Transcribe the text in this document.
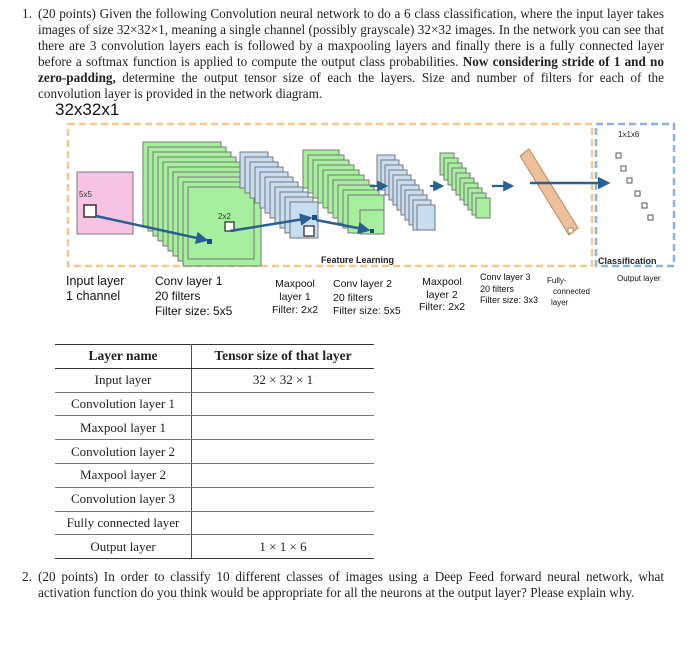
1. (20 points) Given the following Convolution neural network to do a 6 class classification, where the input layer takes images of size 32×32×1, meaning a single channel (possibly grayscale) 32×32 images. In the network you can see that there are 3 convolution layers each is followed by a maxpooling layers and finally there is a fully connected layer before a softmax function is applied to compute the output class probabilities. Now considering stride of 1 and no zero-padding, determine the output tensor size of each the layers. Size and number of filters for each of the convolution layer is provided in the network diagram.
32x32x1
5x5
2x2
1x1x6
Feature Learning	Classification
Input layer
1 channel
Conv layer 1
20 filters
Filter size: 5x5
Maxpool
layer 1
Filter: 2x2
Conv layer 2
20 filters
Filter size: 5x5
Maxpool
layer 2
Filter: 2x2
Conv layer 3
20 filters
Filter size: 3x3
Fully-
connected
layer
Output layer
Layer name	Tensor size of that layer
Input layer	32 × 32 × 1
Convolution layer 1	
Maxpool layer 1	
Convolution layer 2	
Maxpool layer 2	
Convolution layer 3	
Fully connected layer	
Output layer	1 × 1 × 6
2. (20 points) In order to classify 10 different classes of images using a Deep Feed forward neural network, what activation function do you think would be appropriate for all the neurons at the output layer? Please explain why.
